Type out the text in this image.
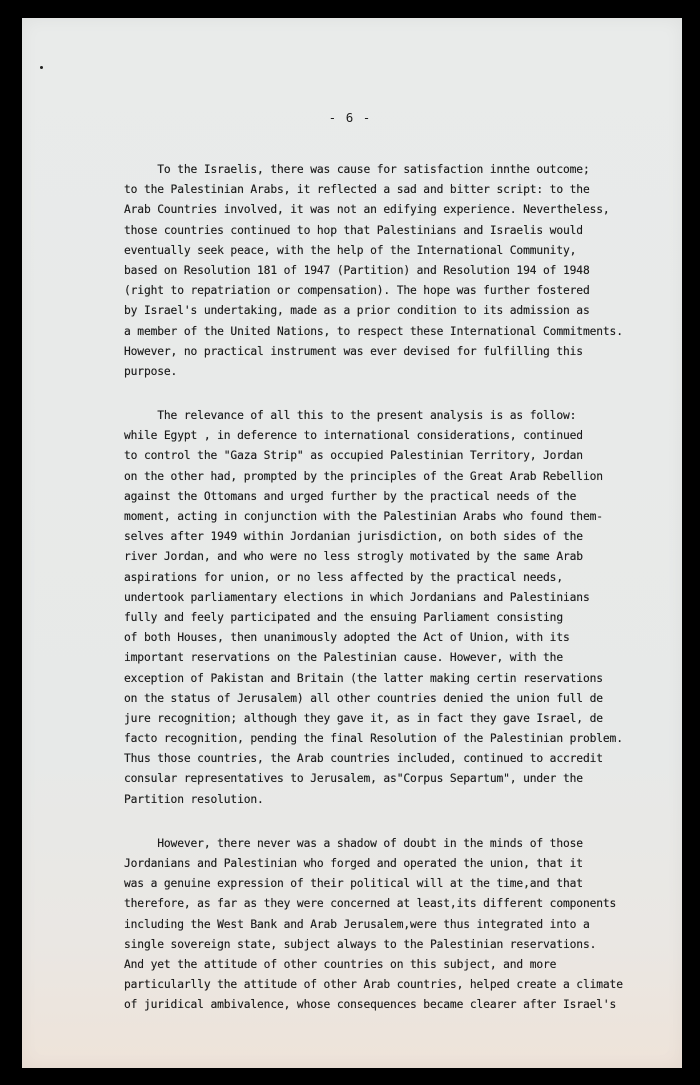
- 6 -
To the Israelis, there was cause for satisfaction innthe outcome;
to the Palestinian Arabs, it reflected a sad and bitter script: to the
Arab Countries involved, it was not an edifying experience. Nevertheless,
those countries continued to hop that Palestinians and Israelis would
eventually seek peace, with the help of the International Community,
based on Resolution 181 of 1947 (Partition) and Resolution 194 of 1948
(right to repatriation or compensation). The hope was further fostered
by Israel's undertaking, made as a prior condition to its admission as
a member of the United Nations, to respect these International Commitments.
However, no practical instrument was ever devised for fulfilling this
purpose.
The relevance of all this to the present analysis is as follow:
while Egypt , in deference to international considerations, continued
to control the "Gaza Strip" as occupied Palestinian Territory, Jordan
on the other had, prompted by the principles of the Great Arab Rebellion
against the Ottomans and urged further by the practical needs of the
moment, acting in conjunction with the Palestinian Arabs who found them-
selves after 1949 within Jordanian jurisdiction, on both sides of the
river Jordan, and who were no less strogly motivated by the same Arab
aspirations for union, or no less affected by the practical needs,
undertook parliamentary elections in which Jordanians and Palestinians
fully and feely participated and the ensuing Parliament consisting
of both Houses, then unanimously adopted the Act of Union, with its
important reservations on the Palestinian cause. However, with the
exception of Pakistan and Britain (the latter making certin reservations
on the status of Jerusalem) all other countries denied the union full de
jure recognition; although they gave it, as in fact they gave Israel, de
facto recognition, pending the final Resolution of the Palestinian problem.
Thus those countries, the Arab countries included, continued to accredit
consular representatives to Jerusalem, as"Corpus Separtum", under the
Partition resolution.
However, there never was a shadow of doubt in the minds of those
Jordanians and Palestinian who forged and operated the union, that it
was a genuine expression of their political will at the time,and that
therefore, as far as they were concerned at least,its different components
including the West Bank and Arab Jerusalem,were thus integrated into a
single sovereign state, subject always to the Palestinian reservations.
And yet the attitude of other countries on this subject, and more
particularlly the attitude of other Arab countries, helped create a climate
of juridical ambivalence, whose consequences became clearer after Israel's
